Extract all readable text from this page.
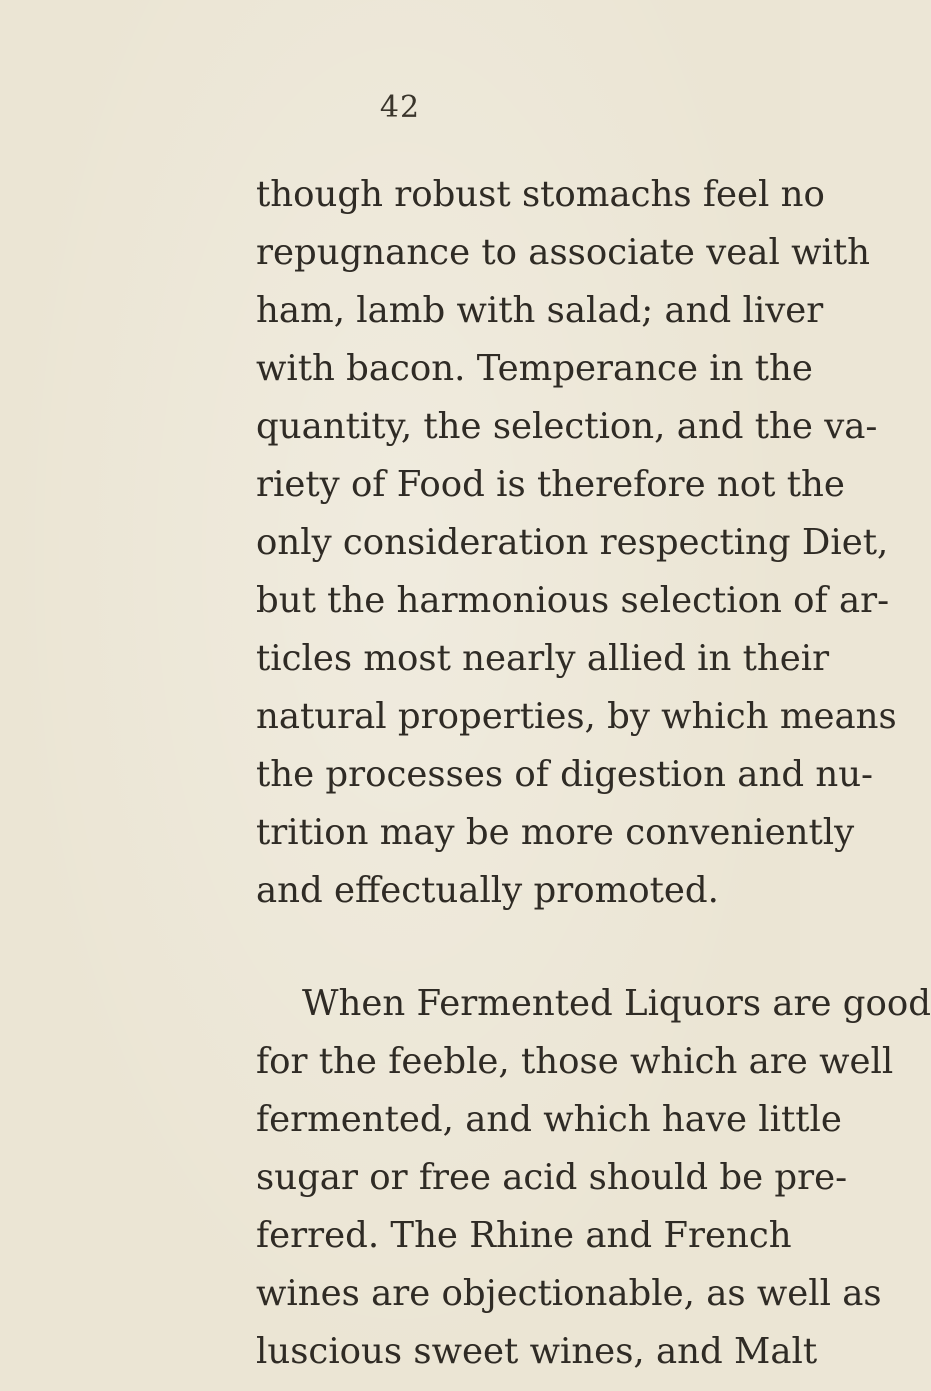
42
though robust stomachs feel no
repugnance to associate veal with
ham, lamb with salad; and liver
with bacon. Temperance in the
quantity, the selection, and the va-
riety of Food is therefore not the
only consideration respecting Diet,
but the harmonious selection of ar-
ticles most nearly allied in their
natural properties, by which means
the processes of digestion and nu-
trition may be more conveniently
and effectually promoted.
When Fermented Liquors are good
for the feeble, those which are well
fermented, and which have little
sugar or free acid should be pre-
ferred. The Rhine and French
wines are objectionable, as well as
luscious sweet wines, and Malt
